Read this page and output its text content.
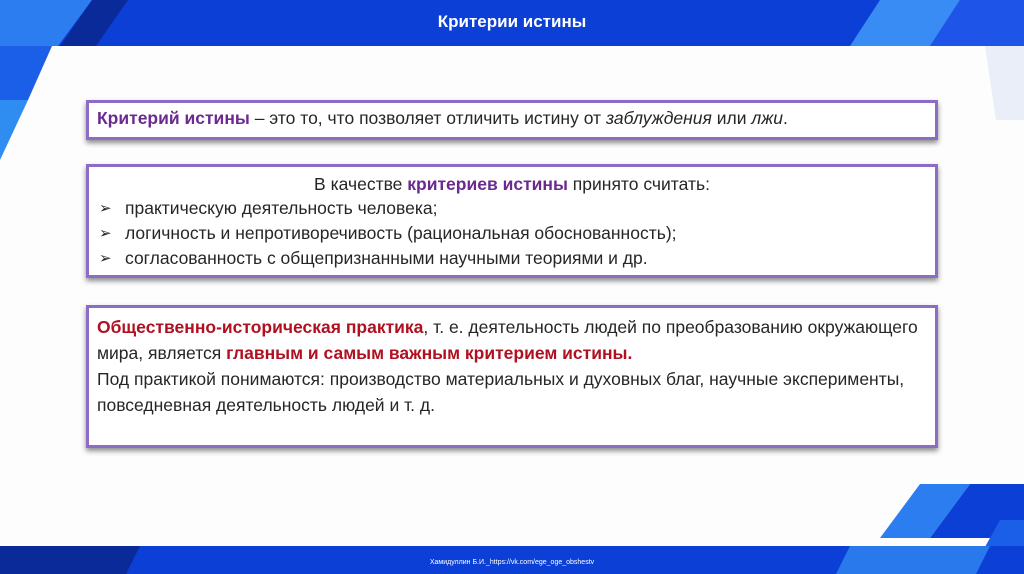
Критерии истины
Критерий истины – это то, что позволяет отличить истину от заблуждения или лжи.
В качестве критериев истины принято считать:
➢ практическую деятельность человека;
➢ логичность и непротиворечивость (рациональная обоснованность);
➢ согласованность с общепризнанными научными теориями и др.
Общественно-историческая практика, т. е. деятельность людей по преобразованию окружающего мира, является главным и самым важным критерием истины.
Под практикой понимаются: производство материальных и духовных благ, научные эксперименты, повседневная деятельность людей и т. д.
Хамидуллин Б.И._https://vk.com/ege_oge_obshestv
